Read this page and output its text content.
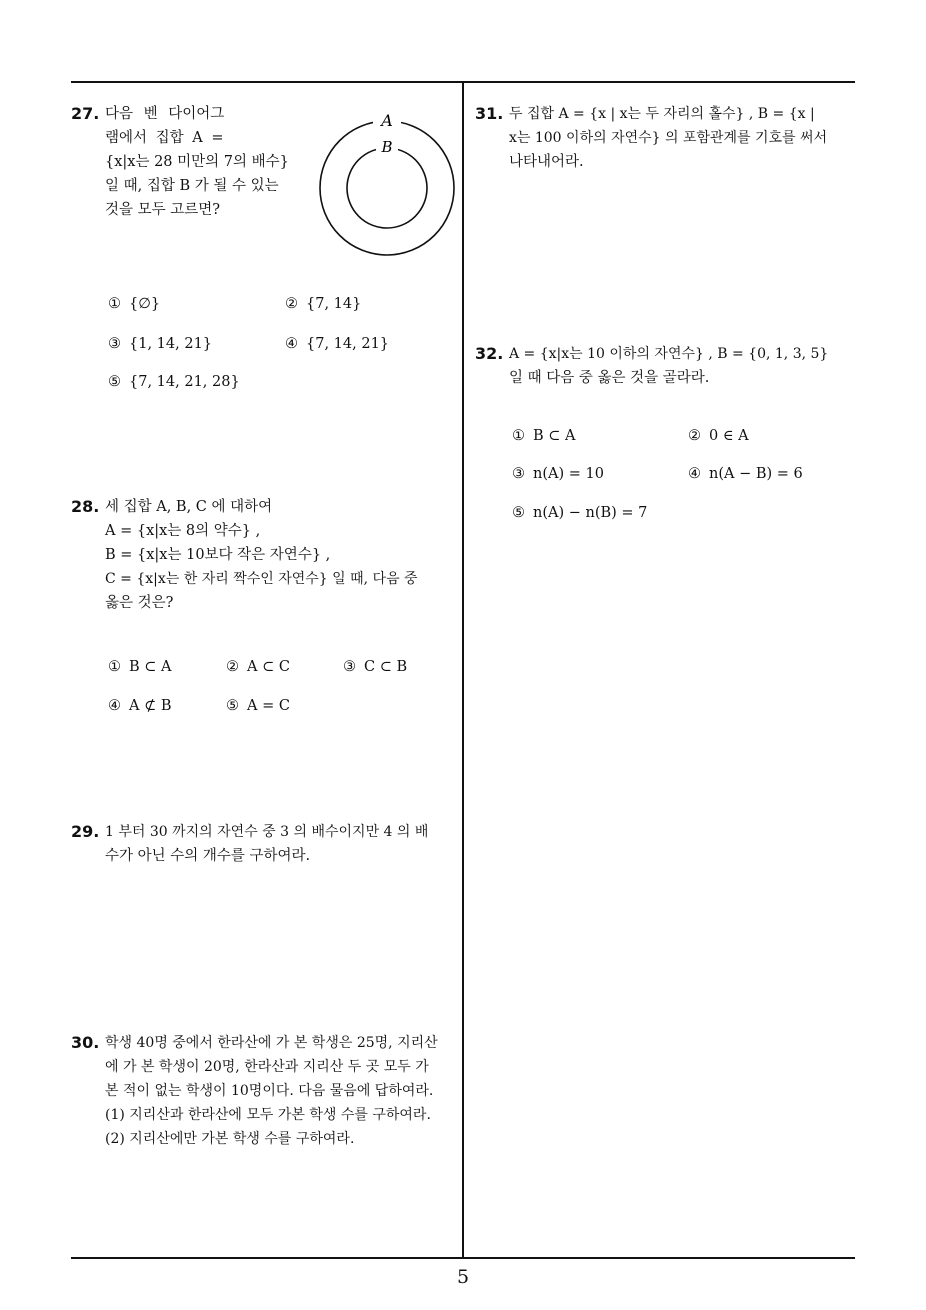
27. 다음 벤 다이어그
램에서 집합 A =
{x|x는 28 미만의 7의 배수}
일 때, 집합 B 가 될 수 있는
것을 모두 고르면?
A
B
① {∅}	② {7, 14}
③ {1, 14, 21}	④ {7, 14, 21}
⑤ {7, 14, 21, 28}
28. 세 집합 A, B, C 에 대하여
A = {x|x는 8의 약수} ,
B = {x|x는 10보다 작은 자연수} ,
C = {x|x는 한 자리 짝수인 자연수} 일 때, 다음 중
옳은 것은?
① B ⊂ A	② A ⊂ C	③ C ⊂ B
④ A ⊄ B	⑤ A = C
29. 1 부터 30 까지의 자연수 중 3 의 배수이지만 4 의 배
수가 아닌 수의 개수를 구하여라.
30. 학생 40명 중에서 한라산에 가 본 학생은 25명, 지리산
에 가 본 학생이 20명, 한라산과 지리산 두 곳 모두 가
본 적이 없는 학생이 10명이다. 다음 물음에 답하여라.
(1) 지리산과 한라산에 모두 가본 학생 수를 구하여라.
(2) 지리산에만 가본 학생 수를 구하여라.
31. 두 집합 A = {x | x는 두 자리의 홀수} , B = {x |
x는 100 이하의 자연수} 의 포함관계를 기호를 써서
나타내어라.
32. A = {x|x는 10 이하의 자연수} , B = {0, 1, 3, 5}
일 때 다음 중 옳은 것을 골라라.
① B ⊂ A	② 0 ∈ A
③ n(A) = 10	④ n(A − B) = 6
⑤ n(A) − n(B) = 7
5
